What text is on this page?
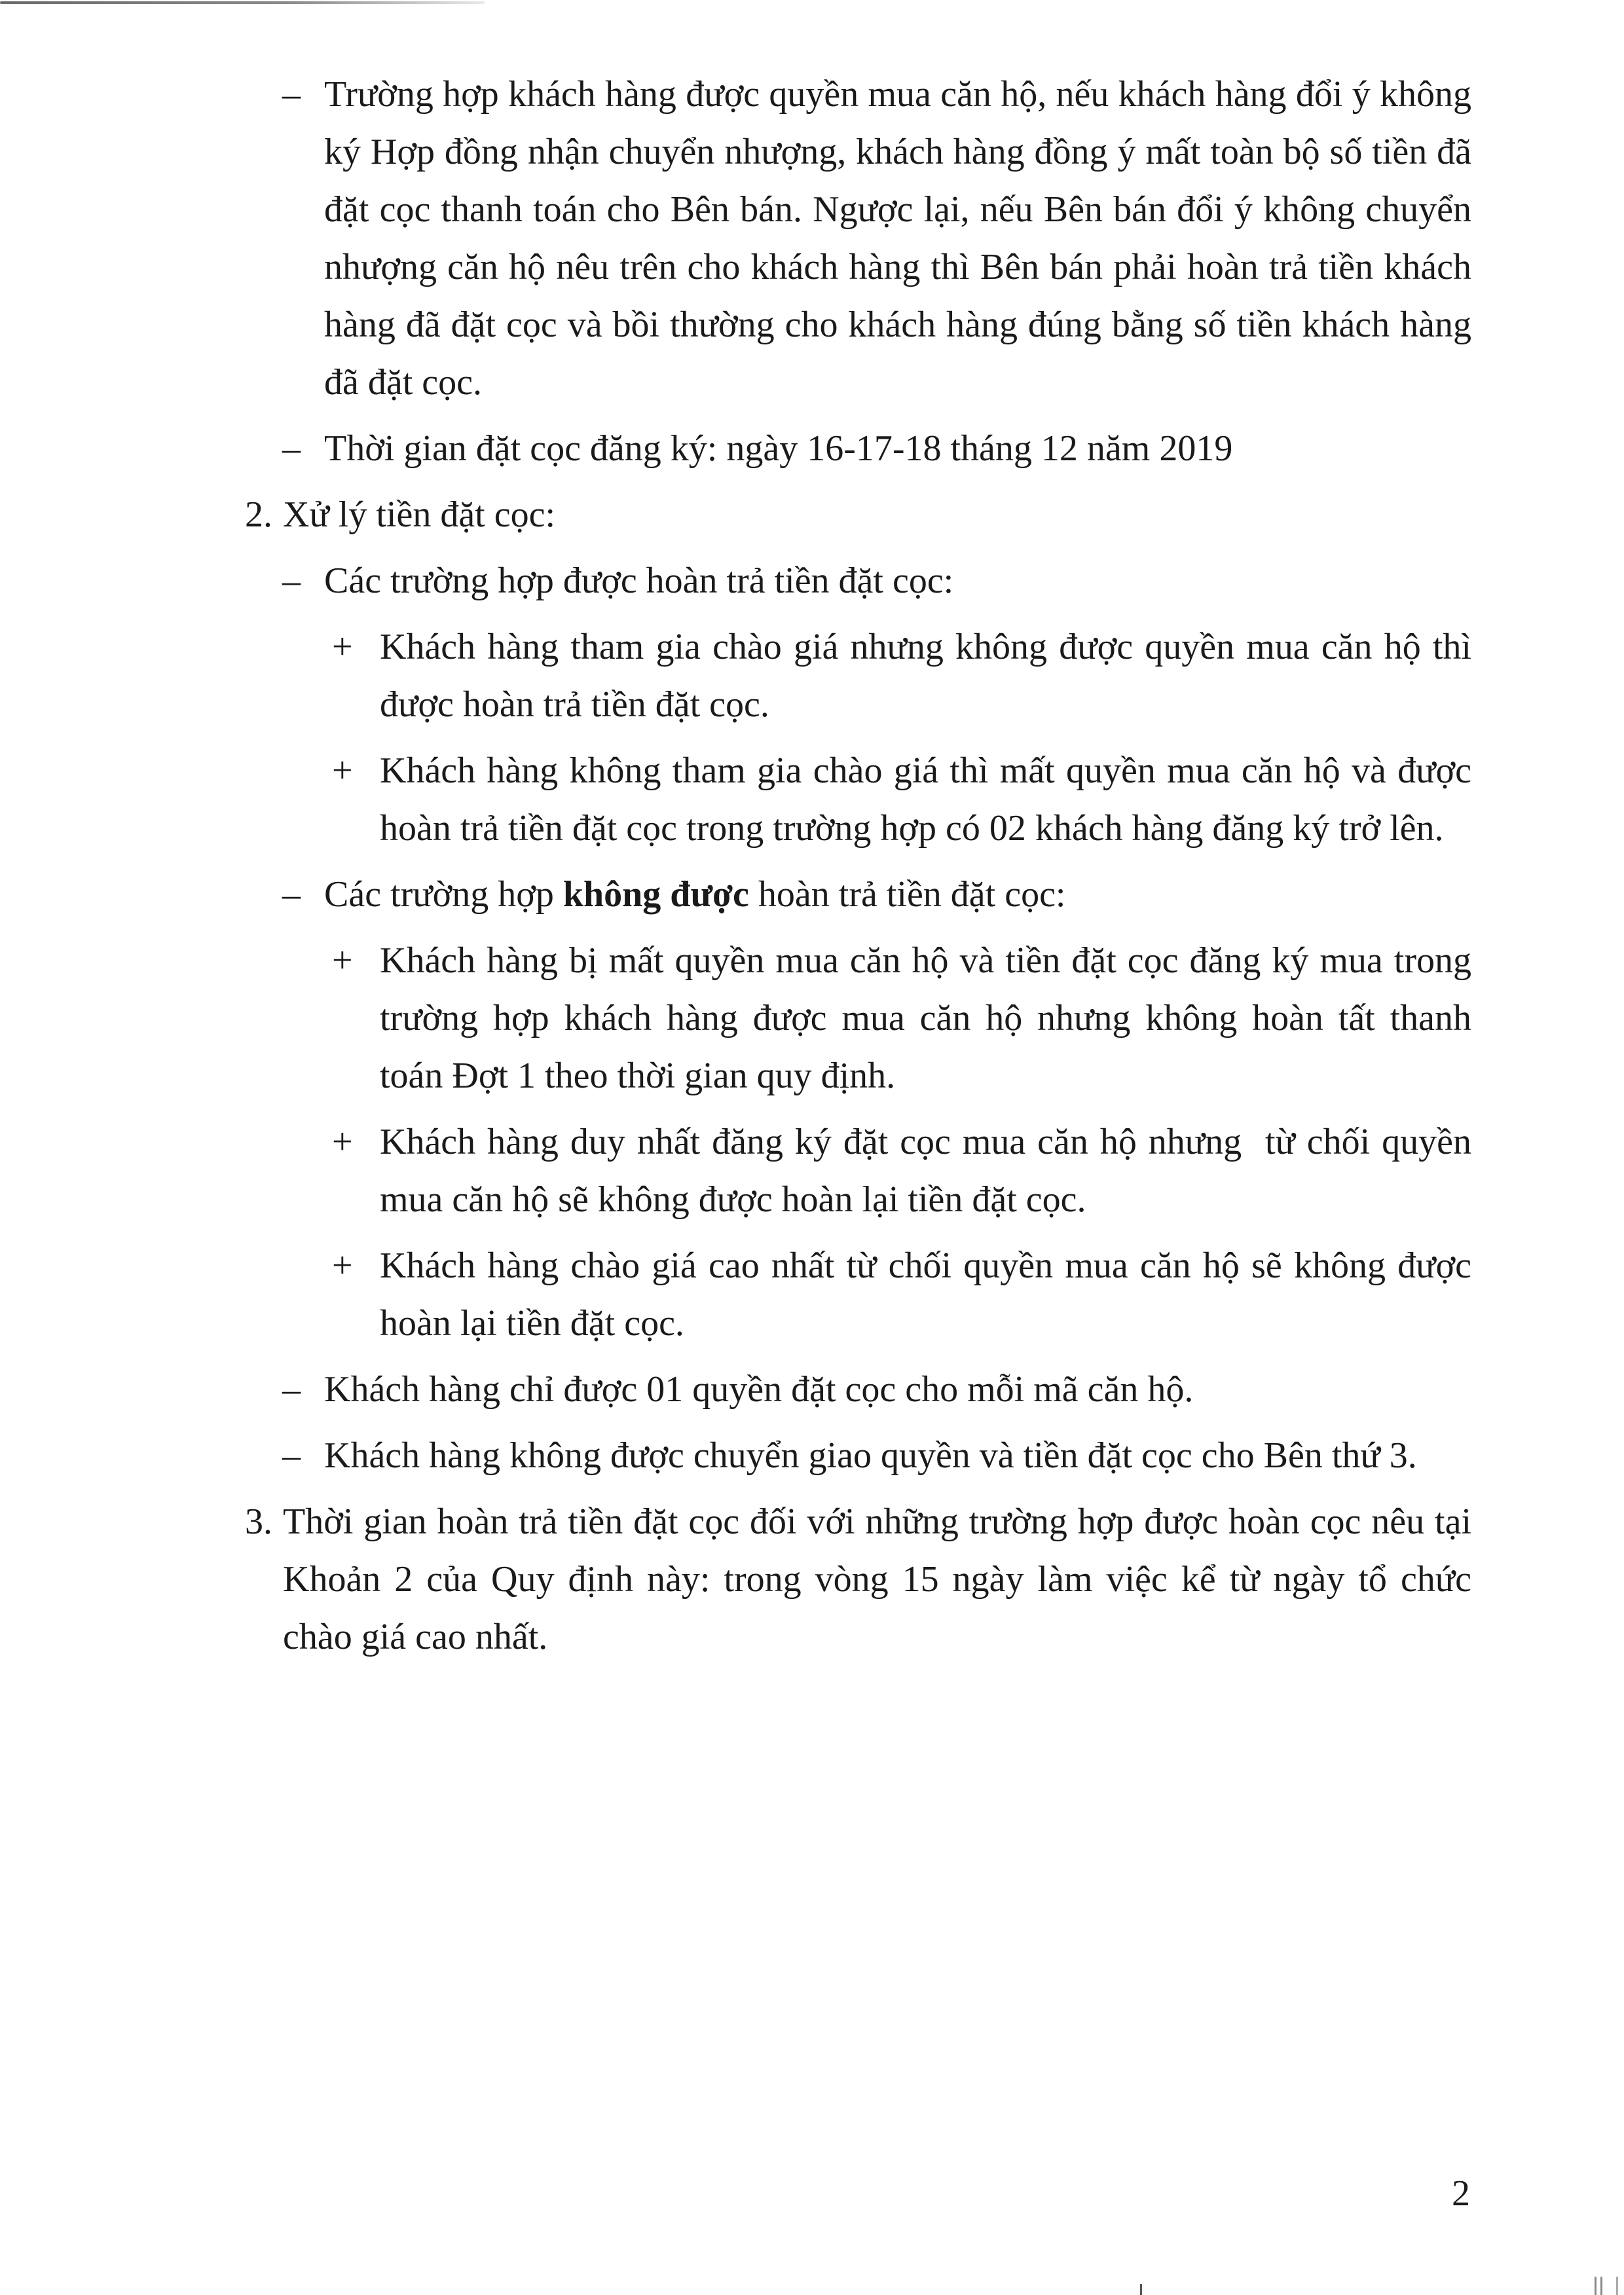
– Trường hợp khách hàng được quyền mua căn hộ, nếu khách hàng đổi ý không ký Hợp đồng nhận chuyển nhượng, khách hàng đồng ý mất toàn bộ số tiền đã đặt cọc thanh toán cho Bên bán. Ngược lại, nếu Bên bán đổi ý không chuyển nhượng căn hộ nêu trên cho khách hàng thì Bên bán phải hoàn trả tiền khách hàng đã đặt cọc và bồi thường cho khách hàng đúng bằng số tiền khách hàng đã đặt cọc.

– Thời gian đặt cọc đăng ký: ngày 16-17-18 tháng 12 năm 2019

2. Xử lý tiền đặt cọc:

– Các trường hợp được hoàn trả tiền đặt cọc:

+ Khách hàng tham gia chào giá nhưng không được quyền mua căn hộ thì được hoàn trả tiền đặt cọc.

+ Khách hàng không tham gia chào giá thì mất quyền mua căn hộ và được hoàn trả tiền đặt cọc trong trường hợp có 02 khách hàng đăng ký trở lên.

– Các trường hợp không được hoàn trả tiền đặt cọc:

+ Khách hàng bị mất quyền mua căn hộ và tiền đặt cọc đăng ký mua trong trường hợp khách hàng được mua căn hộ nhưng không hoàn tất thanh toán Đợt 1 theo thời gian quy định.

+ Khách hàng duy nhất đăng ký đặt cọc mua căn hộ nhưng  từ chối quyền mua căn hộ sẽ không được hoàn lại tiền đặt cọc.

+ Khách hàng chào giá cao nhất từ chối quyền mua căn hộ sẽ không được hoàn lại tiền đặt cọc.

– Khách hàng chỉ được 01 quyền đặt cọc cho mỗi mã căn hộ.

– Khách hàng không được chuyển giao quyền và tiền đặt cọc cho Bên thứ 3.

3. Thời gian hoàn trả tiền đặt cọc đối với những trường hợp được hoàn cọc nêu tại Khoản 2 của Quy định này: trong vòng 15 ngày làm việc kể từ ngày tổ chức chào giá cao nhất.

2
